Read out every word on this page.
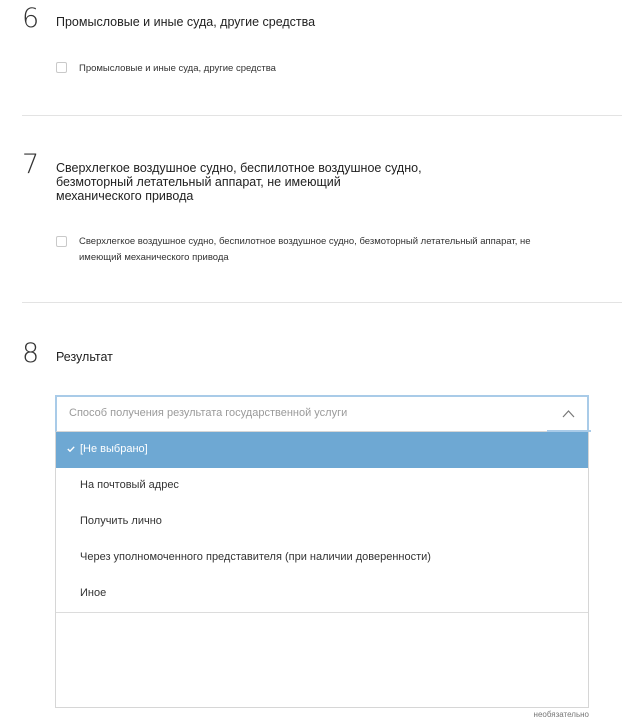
6 Промысловые и иные суда, другие средства
Промысловые и иные суда, другие средства
7 Сверхлегкое воздушное судно, беспилотное воздушное судно,
безмоторный летательный аппарат, не имеющий
механического привода
Сверхлегкое воздушное судно, беспилотное воздушное судно, безмоторный летательный аппарат, не
имеющий механического привода
8 Результат
Способ получения результата государственной услуги
[Не выбрано]
На почтовый адрес
Получить лично
Через уполномоченного представителя (при наличии доверенности)
Иное
необязательно
